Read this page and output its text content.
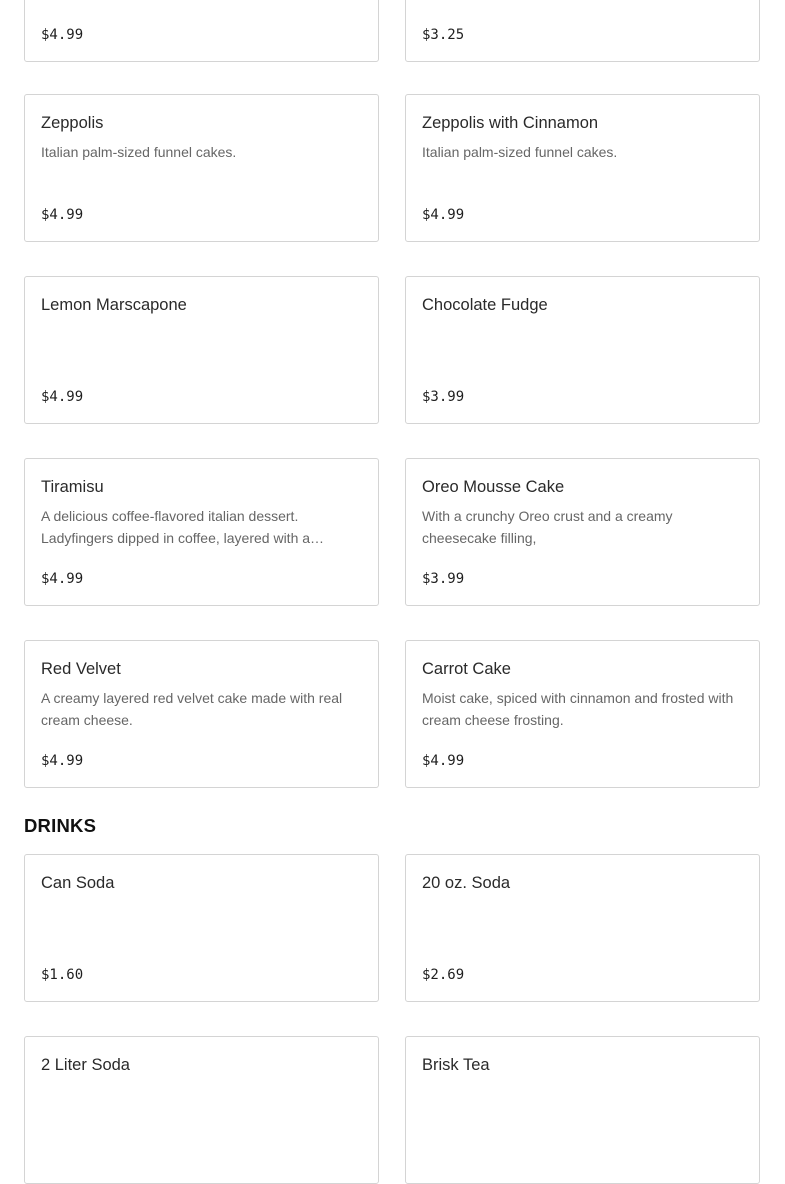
$4.99	$3.25
Zeppolis
Italian palm-sized funnel cakes.
$4.99
Zeppolis with Cinnamon
Italian palm-sized funnel cakes.
$4.99
Lemon Marscapone
$4.99
Chocolate Fudge
$3.99
Tiramisu
A delicious coffee-flavored italian dessert. Ladyfingers dipped in coffee, layered with a
$4.99
Oreo Mousse Cake
With a crunchy Oreo crust and a creamy cheesecake filling,
$3.99
Red Velvet
A creamy layered red velvet cake made with real cream cheese.
$4.99
Carrot Cake
Moist cake, spiced with cinnamon and frosted with cream cheese frosting.
$4.99
DRINKS
Can Soda
$1.60
20 oz. Soda
$2.69
2 Liter Soda	Brisk Tea
